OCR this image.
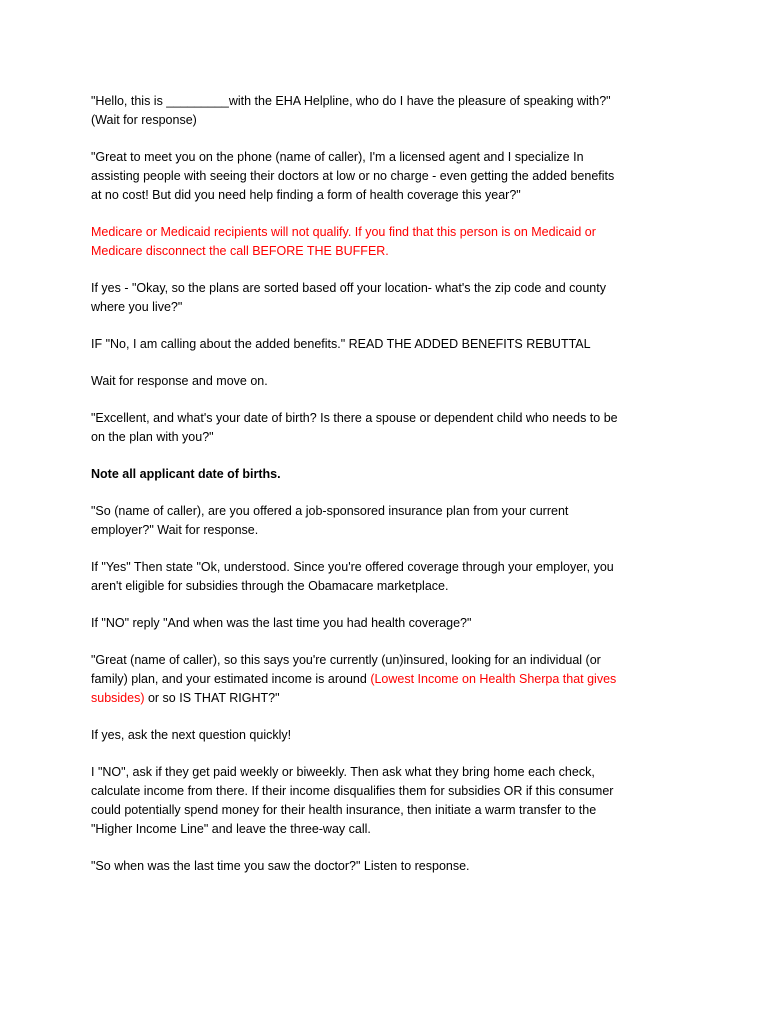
"Hello, this is _________with the EHA Helpline, who do I have the pleasure of speaking with?"
(Wait for response)

"Great to meet you on the phone (name of caller), I'm a licensed agent and I specialize In
assisting people with seeing their doctors at low or no charge - even getting the added benefits
at no cost! But did you need help finding a form of health coverage this year?"

Medicare or Medicaid recipients will not qualify. If you find that this person is on Medicaid or
Medicare disconnect the call BEFORE THE BUFFER.

If yes - "Okay, so the plans are sorted based off your location- what's the zip code and county
where you live?"

IF "No, I am calling about the added benefits." READ THE ADDED BENEFITS REBUTTAL

Wait for response and move on.

"Excellent, and what's your date of birth? Is there a spouse or dependent child who needs to be
on the plan with you?"

Note all applicant date of births.

"So (name of caller), are you offered a job-sponsored insurance plan from your current
employer?" Wait for response.

If "Yes" Then state "Ok, understood. Since you're offered coverage through your employer, you
aren't eligible for subsidies through the Obamacare marketplace.

If "NO" reply "And when was the last time you had health coverage?"

"Great (name of caller), so this says you're currently (un)insured, looking for an individual (or
family) plan, and your estimated income is around (Lowest Income on Health Sherpa that gives
subsides) or so IS THAT RIGHT?"

If yes, ask the next question quickly!

I "NO", ask if they get paid weekly or biweekly. Then ask what they bring home each check,
calculate income from there. If their income disqualifies them for subsidies OR if this consumer
could potentially spend money for their health insurance, then initiate a warm transfer to the
"Higher Income Line" and leave the three-way call.

"So when was the last time you saw the doctor?" Listen to response.
